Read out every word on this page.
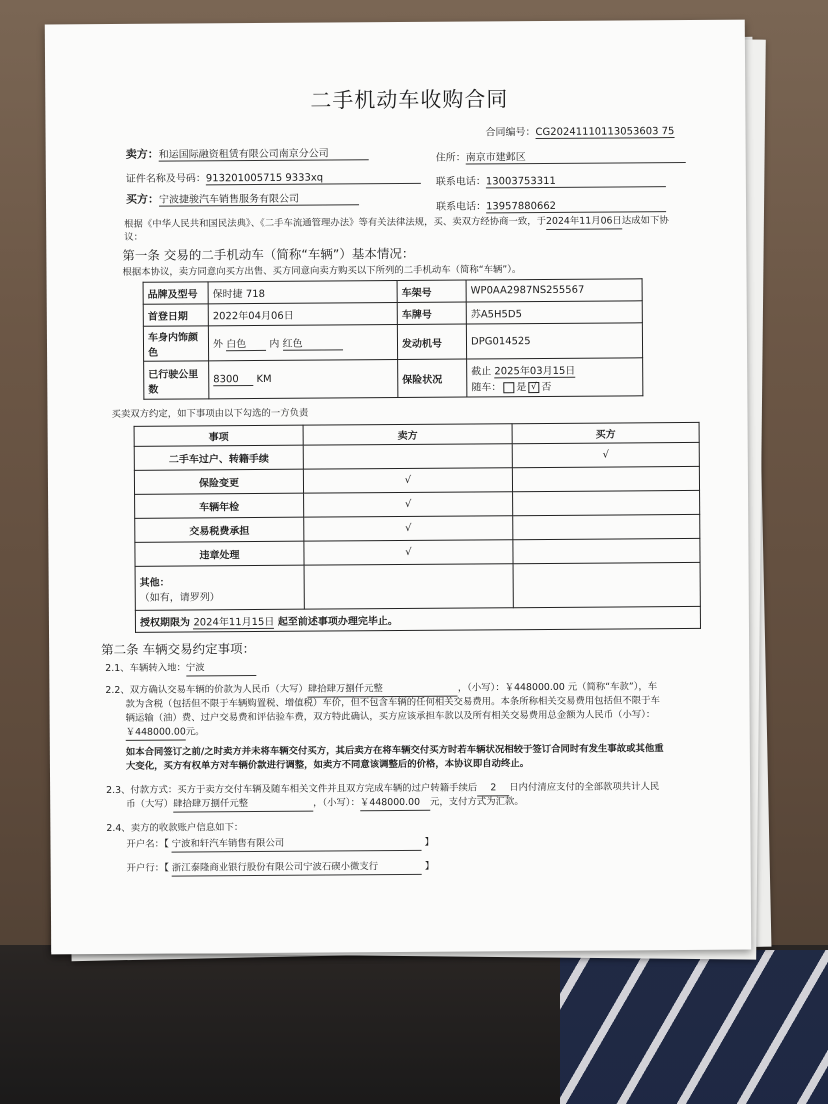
二手机动车收购合同
合同编号：CG20241110113053603 75
卖方：和运国际融资租赁有限公司南京分公司	住所：南京市建邺区
证件名称及号码：913201005715 9333xq	联系电话：13003753311
买方：宁波捷骏汽车销售服务有限公司
联系电话：13957880662
根据《中华人民共和国民法典》、《二手车流通管理办法》等有关法律法规，买、卖双方经协商一致，于2024年11月06日达成如下协
议：
第一条 交易的二手机动车（简称“车辆”）基本情况：
根据本协议，卖方同意向买方出售、买方同意向卖方购买以下所列的二手机动车（简称“车辆”）。
品牌及型号	保时捷 718	车架号	WP0AA2987NS255567
首登日期	2022年04月06日	车牌号	苏A5H5D5
车身内饰颜色	外 白色 内 红色	发动机号	DPG014525
已行驶公里数	8300 KM	保险状况	截止 2025年03月15日
随车： 是 √ 否
买卖双方约定，如下事项由以下勾选的一方负责
事项	卖方	买方
二手车过户、转籍手续		√
保险变更	√	
车辆年检	√	
交易税费承担	√	
违章处理	√	

其他：
（如有，请罗列）		

授权期限为 2024年11月15日 起至前述事项办理完毕止。		
第二条 车辆交易约定事项：
2.1、车辆转入地：宁波
2.2、双方确认交易车辆的价款为人民币（大写）肆拾肆万捌仟元整	，（小写）：￥448000.00 元（简称“车款”），车
款为含税（包括但不限于车辆购置税、增值税）车价，但不包含车辆的任何相关交易费用。本条所称相关交易费用包括但不限于车
辆运输（油）费、过户交易费和评估验车费，双方特此确认，买方应该承担车款以及所有相关交易费用总金额为人民币（小写）：
￥448000.00元。
如本合同签订之前/之时卖方并未将车辆交付买方，其后卖方在将车辆交付买方时若车辆状况相较于签订合同时有发生事故或其他重
大变化，买方有权单方对车辆价款进行调整，如卖方不同意该调整后的价格，本协议即自动终止。
2.3、付款方式：买方于卖方交付车辆及随车相关文件并且双方完成车辆的过户转籍手续后 2 日内付清应支付的全部款项共计人民
币（大写）肆拾肆万捌仟元整	，（小写）：￥448000.00 元，支付方式为汇款。
2.4、卖方的收款账户信息如下：
开户名：【 宁波和轩汽车销售有限公司	】
开户行：【 浙江泰隆商业银行股份有限公司宁波石碶小微支行	】
